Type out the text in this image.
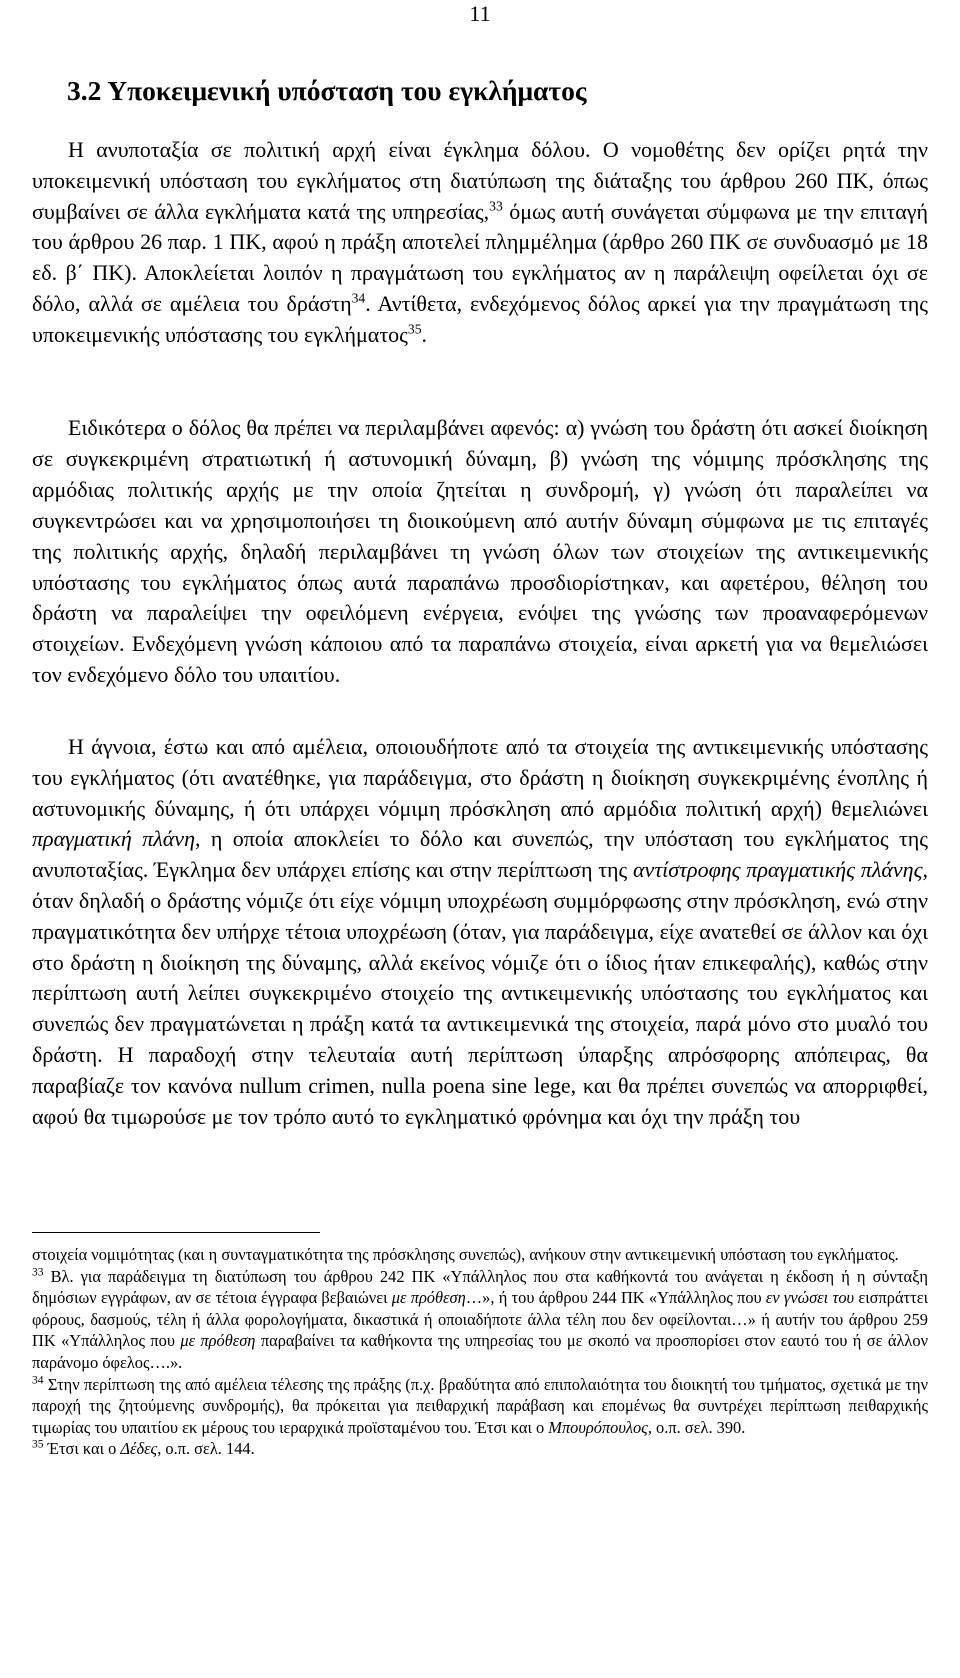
11
3.2 Υποκειμενική υπόσταση του εγκλήματος

Η ανυποταξία σε πολιτική αρχή είναι έγκλημα δόλου. Ο νομοθέτης δεν ορίζει ρητά την υποκειμενική υπόσταση του εγκλήματος στη διατύπωση της διάταξης του άρθρου 260 ΠΚ, όπως συμβαίνει σε άλλα εγκλήματα κατά της υπηρεσίας,$^{33}$ όμως αυτή συνάγεται σύμφωνα με την επιταγή του άρθρου 26 παρ. 1 ΠΚ, αφού η πράξη αποτελεί πλημμέλημα (άρθρο 260 ΠΚ σε συνδυασμό με 18 εδ. β΄ ΠΚ). Αποκλείεται λοιπόν η πραγμάτωση του εγκλήματος αν η παράλειψη οφείλεται όχι σε δόλο, αλλά σε αμέλεια του δράστη$^{34}$. Αντίθετα, ενδεχόμενος δόλος αρκεί για την πραγμάτωση της υποκειμενικής υπόστασης του εγκλήματος$^{35}$.

Ειδικότερα ο δόλος θα πρέπει να περιλαμβάνει αφενός: α) γνώση του δράστη ότι ασκεί διοίκηση σε συγκεκριμένη στρατιωτική ή αστυνομική δύναμη, β) γνώση της νόμιμης πρόσκλησης της αρμόδιας πολιτικής αρχής με την οποία ζητείται η συνδρομή, γ) γνώση ότι παραλείπει να συγκεντρώσει και να χρησιμοποιήσει τη διοικούμενη από αυτήν δύναμη σύμφωνα με τις επιταγές της πολιτικής αρχής, δηλαδή περιλαμβάνει τη γνώση όλων των στοιχείων της αντικειμενικής υπόστασης του εγκλήματος όπως αυτά παραπάνω προσδιορίστηκαν, και αφετέρου, θέληση του δράστη να παραλείψει την οφειλόμενη ενέργεια, ενόψει της γνώσης των προαναφερόμενων στοιχείων. Ενδεχόμενη γνώση κάποιου από τα παραπάνω στοιχεία, είναι αρκετή για να θεμελιώσει τον ενδεχόμενο δόλο του υπαιτίου.

Η άγνοια, έστω και από αμέλεια, οποιουδήποτε από τα στοιχεία της αντικειμενικής υπόστασης του εγκλήματος (ότι ανατέθηκε, για παράδειγμα, στο δράστη η διοίκηση συγκεκριμένης ένοπλης ή αστυνομικής δύναμης, ή ότι υπάρχει νόμιμη πρόσκληση από αρμόδια πολιτική αρχή) θεμελιώνει πραγματική πλάνη, η οποία αποκλείει το δόλο και συνεπώς, την υπόσταση του εγκλήματος της ανυποταξίας. Έγκλημα δεν υπάρχει επίσης και στην περίπτωση της αντίστροφης πραγματικής πλάνης, όταν δηλαδή ο δράστης νόμιζε ότι είχε νόμιμη υποχρέωση συμμόρφωσης στην πρόσκληση, ενώ στην πραγματικότητα δεν υπήρχε τέτοια υποχρέωση (όταν, για παράδειγμα, είχε ανατεθεί σε άλλον και όχι στο δράστη η διοίκηση της δύναμης, αλλά εκείνος νόμιζε ότι ο ίδιος ήταν επικεφαλής), καθώς στην περίπτωση αυτή λείπει συγκεκριμένο στοιχείο της αντικειμενικής υπόστασης του εγκλήματος και συνεπώς δεν πραγματώνεται η πράξη κατά τα αντικειμενικά της στοιχεία, παρά μόνο στο μυαλό του δράστη. Η παραδοχή στην τελευταία αυτή περίπτωση ύπαρξης απρόσφορης απόπειρας, θα παραβίαζε τον κανόνα nullum crimen, nulla poena sine lege, και θα πρέπει συνεπώς να απορριφθεί, αφού θα τιμωρούσε με τον τρόπο αυτό το εγκληματικό φρόνημα και όχι την πράξη του

στοιχεία νομιμότητας (και η συνταγματικότητα της πρόσκλησης συνεπώς), ανήκουν στην αντικειμενική υπόσταση του εγκλήματος.

$^{33}$ Βλ. για παράδειγμα τη διατύπωση του άρθρου 242 ΠΚ «Υπάλληλος που στα καθήκοντά του ανάγεται η έκδοση ή η σύνταξη δημόσιων εγγράφων, αν σε τέτοια έγγραφα βεβαιώνει με πρόθεση…», ή του άρθρου 244 ΠΚ «Υπάλληλος που εν γνώσει του εισπράττει φόρους, δασμούς, τέλη ή άλλα φορολογήματα, δικαστικά ή οποιαδήποτε άλλα τέλη που δεν οφείλονται…» ή αυτήν του άρθρου 259 ΠΚ «Υπάλληλος που με πρόθεση παραβαίνει τα καθήκοντα της υπηρεσίας του με σκοπό να προσπορίσει στον εαυτό του ή σε άλλον παράνομο όφελος….».

$^{34}$ Στην περίπτωση της από αμέλεια τέλεσης της πράξης (π.χ. βραδύτητα από επιπολαιότητα του διοικητή του τμήματος, σχετικά με την παροχή της ζητούμενης συνδρομής), θα πρόκειται για πειθαρχική παράβαση και επομένως θα συντρέχει περίπτωση πειθαρχικής τιμωρίας του υπαιτίου εκ μέρους του ιεραρχικά προϊσταμένου του. Έτσι και ο Μπουρόπουλος, ο.π. σελ. 390.

$^{35}$ Έτσι και ο Δέδες, ο.π. σελ. 144.
